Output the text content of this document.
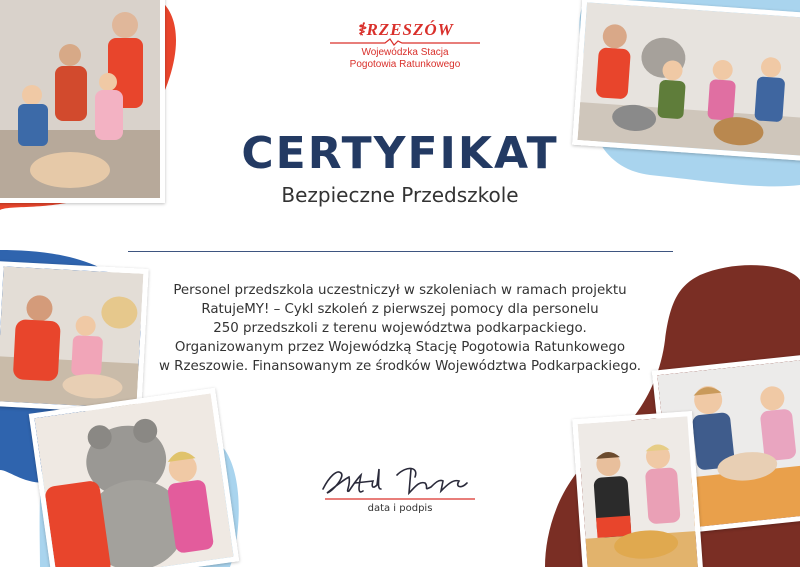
⚕RZESZÓW
Wojewódzka Stacja
Pogotowia Ratunkowego
CERTYFIKAT
Bezpieczne Przedszkole
Personel przedszkola uczestniczył w szkoleniach w ramach projektu
RatujeMY! – Cykl szkoleń z pierwszej pomocy dla personelu
250 przedszkoli z terenu województwa podkarpackiego.
Organizowanym przez Wojewódzką Stację Pogotowia Ratunkowego
w Rzeszowie. Finansowanym ze środków Województwa Podkarpackiego.
data i podpis
